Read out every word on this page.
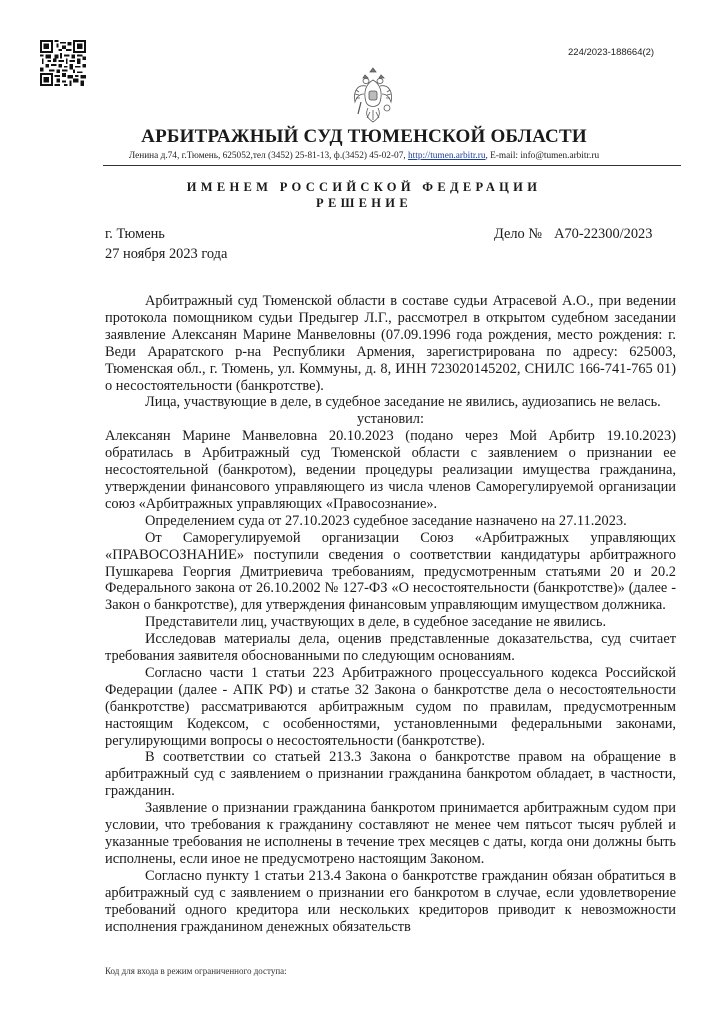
224/2023-188664(2)
АРБИТРАЖНЫЙ СУД ТЮМЕНСКОЙ ОБЛАСТИ
Ленина д.74, г.Тюмень, 625052,тел (3452) 25-81-13, ф.(3452) 45-02-07, http://tumen.arbitr.ru, E-mail: info@tumen.arbitr.ru
ИМЕНЕМ РОССИЙСКОЙ ФЕДЕРАЦИИ
РЕШЕНИЕ
г. Тюмень
27 ноября 2023 года
Дело № А70-22300/2023

Арбитражный суд Тюменской области в составе судьи Атрасевой А.О., при ведении протокола помощником судьи Предыгер Л.Г., рассмотрел в открытом судебном заседании заявление Алексанян Марине Манвеловны (07.09.1996 года рождения, место рождения: г. Веди Араратского р-на Республики Армения, зарегистрирована по адресу: 625003, Тюменская обл., г. Тюмень, ул. Коммуны, д. 8, ИНН 723020145202, СНИЛС 166-741-765 01) о несостоятельности (банкротстве).

Лица, участвующие в деле, в судебное заседание не явились, аудиозапись не велась.

установил:

Алексанян Марине Манвеловна 20.10.2023 (подано через Мой Арбитр 19.10.2023) обратилась в Арбитражный суд Тюменской области с заявлением о признании ее несостоятельной (банкротом), ведении процедуры реализации имущества гражданина, утверждении финансового управляющего из числа членов Саморегулируемой организации союз «Арбитражных управляющих «Правосознание».

Определением суда от 27.10.2023 судебное заседание назначено на 27.11.2023.

От Саморегулируемой организации Союз «Арбитражных управляющих «ПРАВОСОЗНАНИЕ» поступили сведения о соответствии кандидатуры арбитражного Пушкарева Георгия Дмитриевича требованиям, предусмотренным статьями 20 и 20.2 Федерального закона от 26.10.2002 № 127-ФЗ «О несостоятельности (банкротстве)» (далее - Закон о банкротстве), для утверждения финансовым управляющим имуществом должника.

Представители лиц, участвующих в деле, в судебное заседание не явились.

Исследовав материалы дела, оценив представленные доказательства, суд считает требования заявителя обоснованными по следующим основаниям.

Согласно части 1 статьи 223 Арбитражного процессуального кодекса Российской Федерации (далее - АПК РФ) и статье 32 Закона о банкротстве дела о несостоятельности (банкротстве) рассматриваются арбитражным судом по правилам, предусмотренным настоящим Кодексом, с особенностями, установленными федеральными законами, регулирующими вопросы о несостоятельности (банкротстве).

В соответствии со статьей 213.3 Закона о банкротстве правом на обращение в арбитражный суд с заявлением о признании гражданина банкротом обладает, в частности, гражданин.

Заявление о признании гражданина банкротом принимается арбитражным судом при условии, что требования к гражданину составляют не менее чем пятьсот тысяч рублей и указанные требования не исполнены в течение трех месяцев с даты, когда они должны быть исполнены, если иное не предусмотрено настоящим Законом.

Согласно пункту 1 статьи 213.4 Закона о банкротстве гражданин обязан обратиться в арбитражный суд с заявлением о признании его банкротом в случае, если удовлетворение требований одного кредитора или нескольких кредиторов приводит к невозможности исполнения гражданином денежных обязательств

Код для входа в режим ограниченного доступа:
